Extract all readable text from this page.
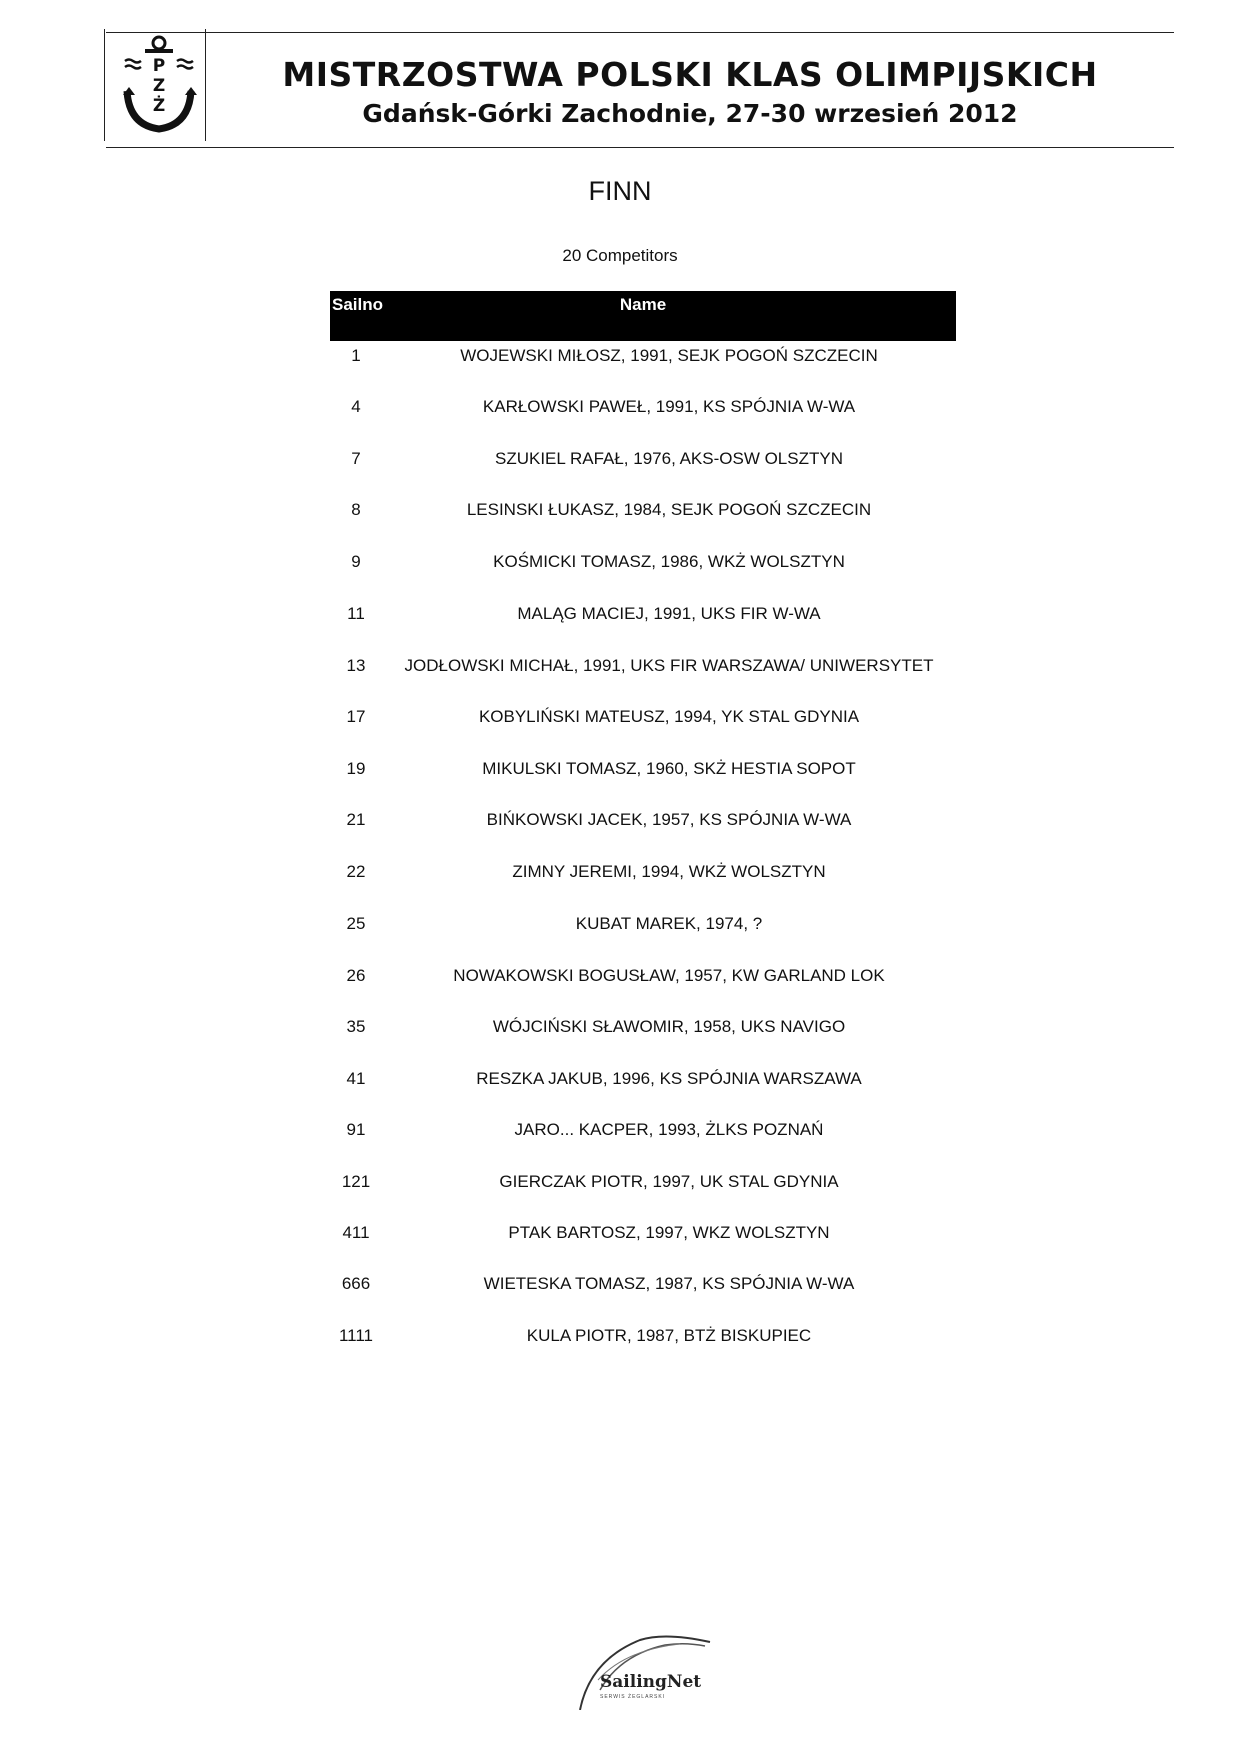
P
Z
Ż
MISTRZOSTWA POLSKI KLAS OLIMPIJSKICH
Gdańsk-Górki Zachodnie, 27-30 wrzesień 2012
FINN
20 Competitors
Sailno	Name
1	WOJEWSKI MIŁOSZ, 1991, SEJK POGOŃ SZCZECIN
4	KARŁOWSKI PAWEŁ, 1991, KS SPÓJNIA W-WA
7	SZUKIEL RAFAŁ, 1976, AKS-OSW OLSZTYN
8	LESINSKI ŁUKASZ, 1984, SEJK POGOŃ SZCZECIN
9	KOŚMICKI TOMASZ, 1986, WKŻ WOLSZTYN
11	MALĄG MACIEJ, 1991, UKS FIR W-WA
13	JODŁOWSKI MICHAŁ, 1991, UKS FIR WARSZAWA/ UNIWERSYTET
17	KOBYLIŃSKI MATEUSZ, 1994, YK STAL GDYNIA
19	MIKULSKI TOMASZ, 1960, SKŻ HESTIA SOPOT
21	BIŃKOWSKI JACEK, 1957, KS SPÓJNIA W-WA
22	ZIMNY JEREMI, 1994, WKŻ WOLSZTYN
25	KUBAT MAREK, 1974, ?
26	NOWAKOWSKI BOGUSŁAW, 1957, KW GARLAND LOK
35	WÓJCIŃSKI SŁAWOMIR, 1958, UKS NAVIGO
41	RESZKA JAKUB, 1996, KS SPÓJNIA WARSZAWA
91	JARO... KACPER, 1993, ŻLKS POZNAŃ
121	GIERCZAK PIOTR, 1997, UK STAL GDYNIA
411	PTAK BARTOSZ, 1997, WKZ WOLSZTYN
666	WIETESKA TOMASZ, 1987, KS SPÓJNIA W-WA
1111	KULA PIOTR, 1987, BTŻ BISKUPIEC
SailingNet
SERWIS ŻEGLARSKI
